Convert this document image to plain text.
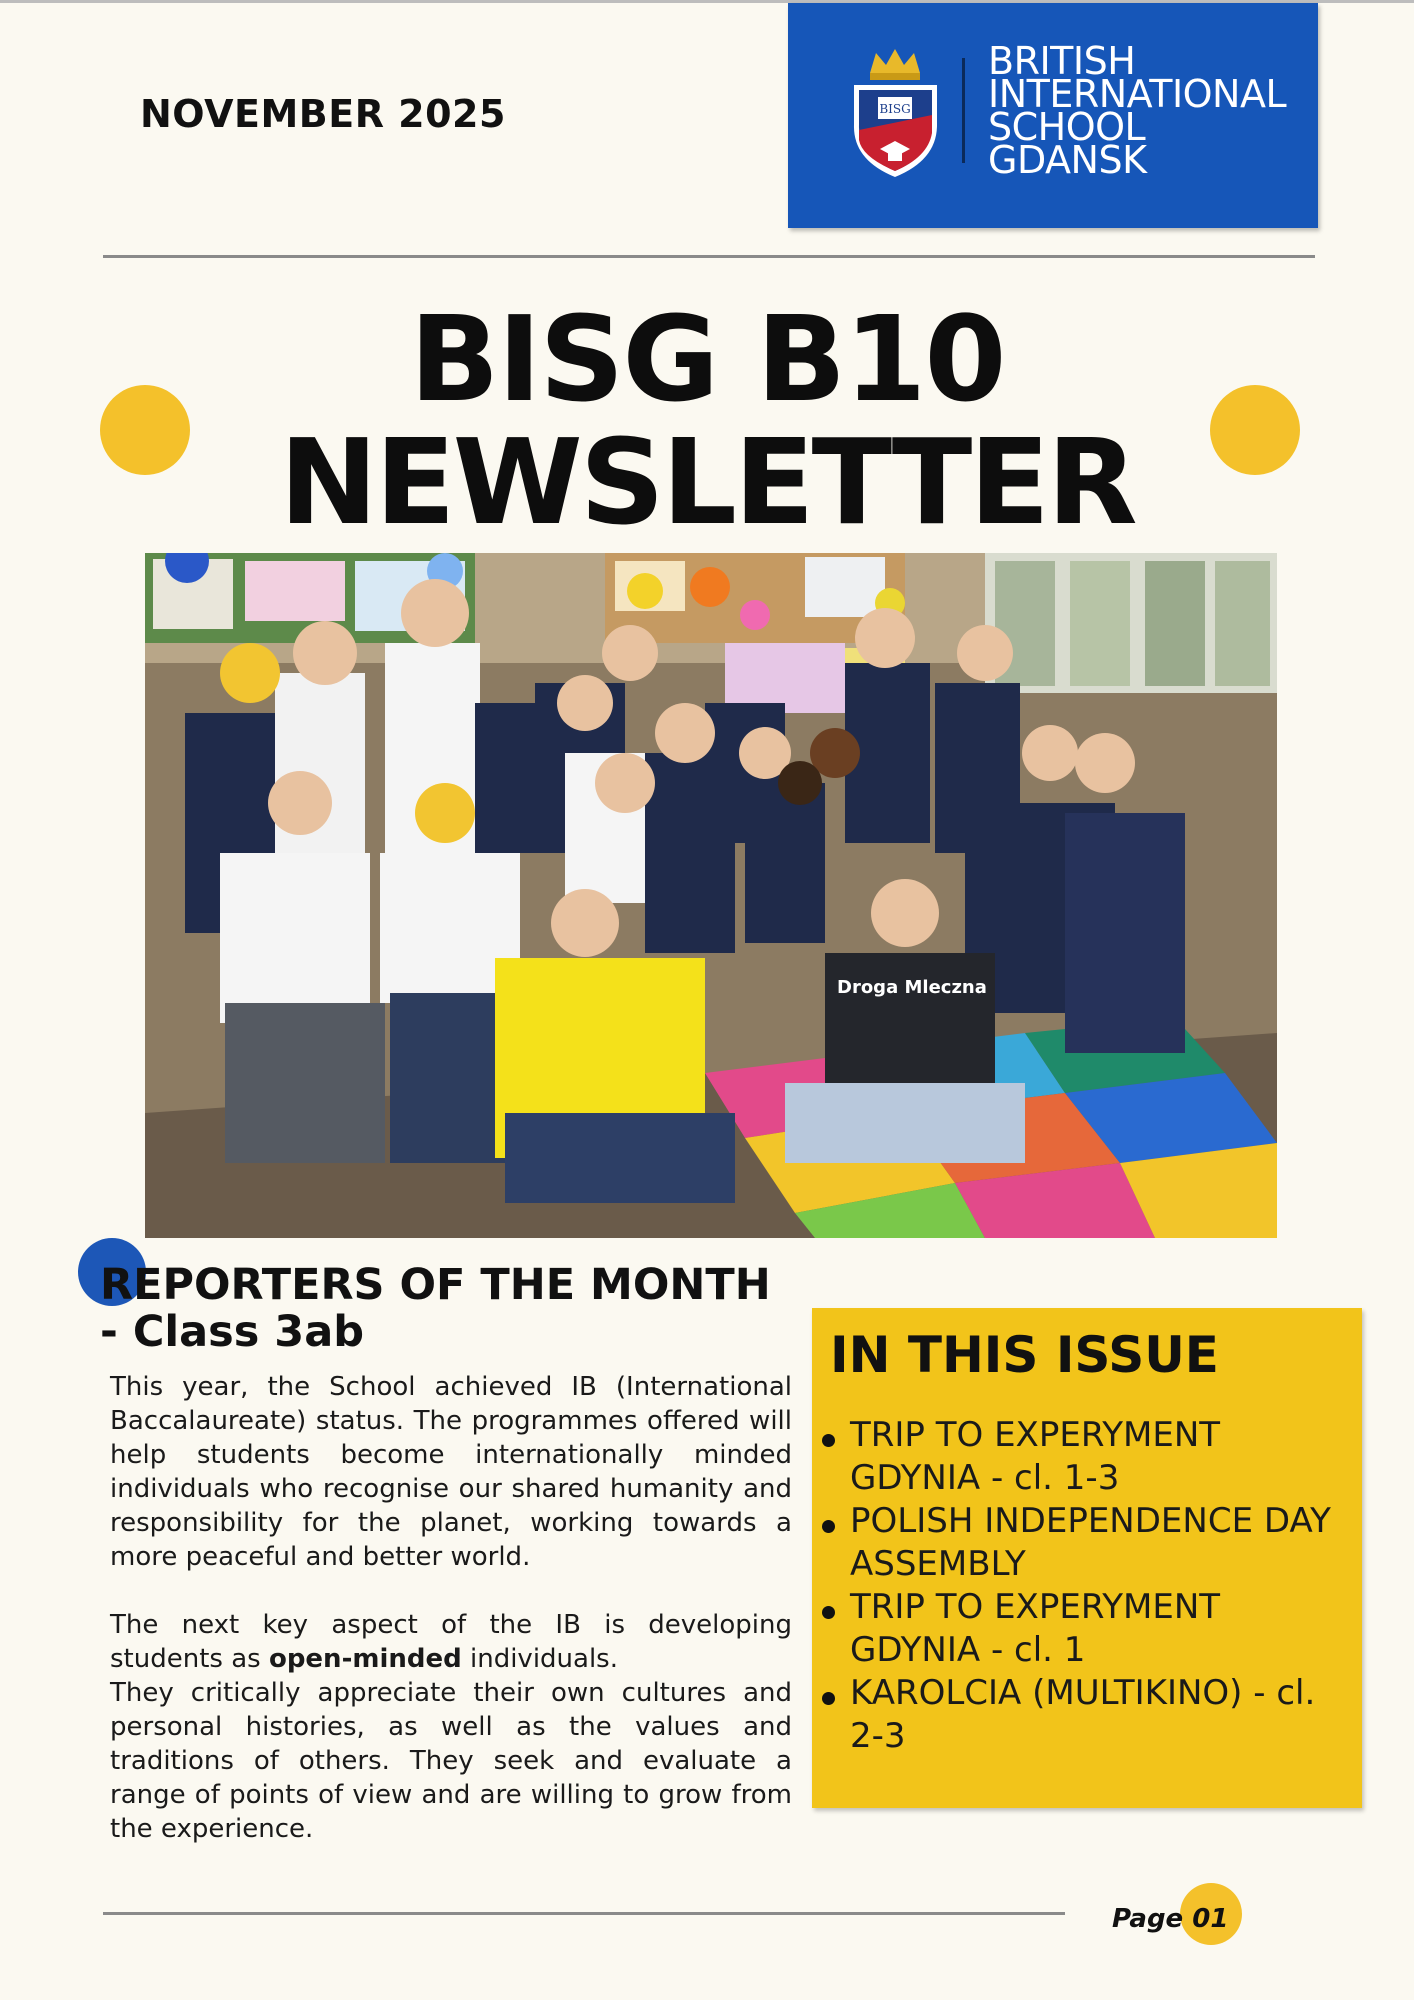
NOVEMBER 2025	BISG
BRITISH
INTERNATIONAL
SCHOOL
GDANSK
BISG B10
NEWSLETTER
Droga Mleczna
REPORTERS OF THE MONTH
- Class 3ab

This year, the School achieved IB (International Baccalaureate) status. The programmes offered will help students become internationally minded individuals who recognise our shared humanity and responsibility for the planet, working towards a more peaceful and better world.

The next key aspect of the IB is developing students as open-minded individuals.

They critically appreciate their own cultures and personal histories, as well as the values and traditions of others. They seek and evaluate a range of points of view and are willing to grow from the experience.

IN THIS ISSUE
TRIP TO EXPERYMENT GDYNIA - cl. 1-3
POLISH INDEPENDENCE DAY ASSEMBLY
TRIP TO EXPERYMENT GDYNIA - cl. 1
KAROLCIA (MULTIKINO) - cl. 2-3
Page 01
